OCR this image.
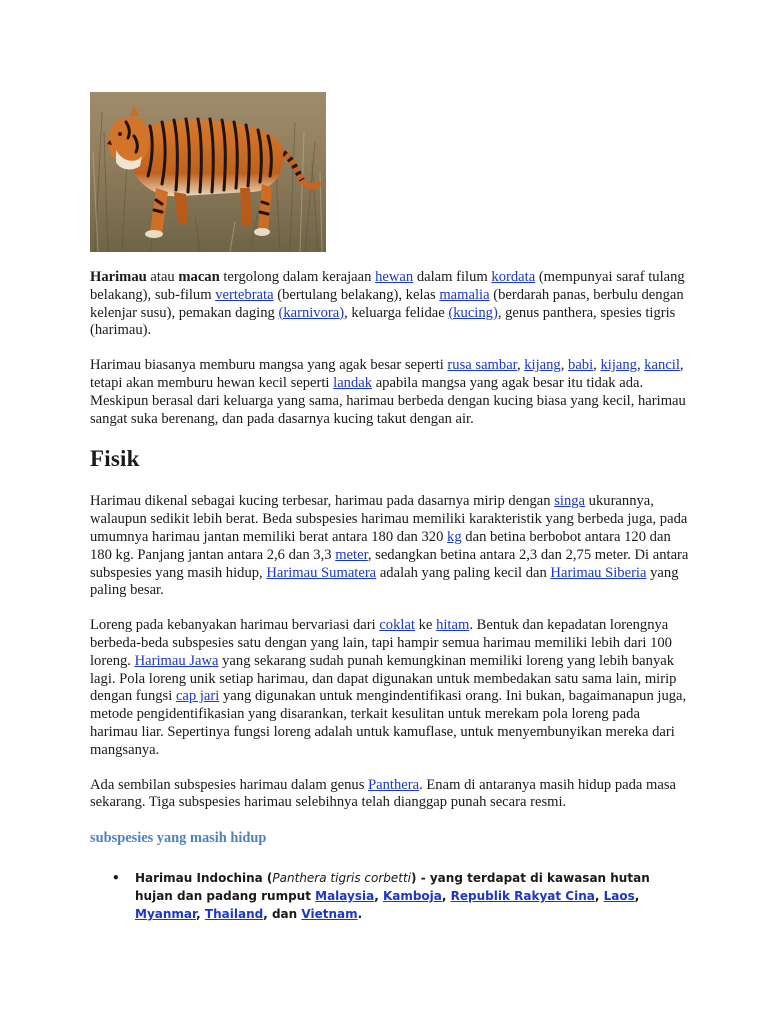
Harimau atau macan tergolong dalam kerajaan hewan dalam filum kordata (mempunyai saraf tulang belakang), sub-filum vertebrata (bertulang belakang), kelas mamalia (berdarah panas, berbulu dengan kelenjar susu), pemakan daging (karnivora), keluarga felidae (kucing), genus panthera, spesies tigris (harimau).

Harimau biasanya memburu mangsa yang agak besar seperti rusa sambar, kijang, babi, kijang, kancil, tetapi akan memburu hewan kecil seperti landak apabila mangsa yang agak besar itu tidak ada. Meskipun berasal dari keluarga yang sama, harimau berbeda dengan kucing biasa yang kecil, harimau sangat suka berenang, dan pada dasarnya kucing takut dengan air.

Fisik

Harimau dikenal sebagai kucing terbesar, harimau pada dasarnya mirip dengan singa ukurannya, walaupun sedikit lebih berat. Beda subspesies harimau memiliki karakteristik yang berbeda juga, pada umumnya harimau jantan memiliki berat antara 180 dan 320 kg dan betina berbobot antara 120 dan 180 kg. Panjang jantan antara 2,6 dan 3,3 meter, sedangkan betina antara 2,3 dan 2,75 meter. Di antara subspesies yang masih hidup, Harimau Sumatera adalah yang paling kecil dan Harimau Siberia yang paling besar.

Loreng pada kebanyakan harimau bervariasi dari coklat ke hitam. Bentuk dan kepadatan lorengnya berbeda-beda subspesies satu dengan yang lain, tapi hampir semua harimau memiliki lebih dari 100 loreng. Harimau Jawa yang sekarang sudah punah kemungkinan memiliki loreng yang lebih banyak lagi. Pola loreng unik setiap harimau, dan dapat digunakan untuk membedakan satu sama lain, mirip dengan fungsi cap jari yang digunakan untuk mengindentifikasi orang. Ini bukan, bagaimanapun juga, metode pengidentifikasian yang disarankan, terkait kesulitan untuk merekam pola loreng pada harimau liar. Sepertinya fungsi loreng adalah untuk kamuflase, untuk menyembunyikan mereka dari mangsanya.

Ada sembilan subspesies harimau dalam genus Panthera. Enam di antaranya masih hidup pada masa sekarang. Tiga subspesies harimau selebihnya telah dianggap punah secara resmi.

subspesies yang masih hidup
• Harimau Indochina (Panthera tigris corbetti) - yang terdapat di kawasan hutan hujan dan padang rumput Malaysia, Kamboja, Republik Rakyat Cina, Laos, Myanmar, Thailand, dan Vietnam.
